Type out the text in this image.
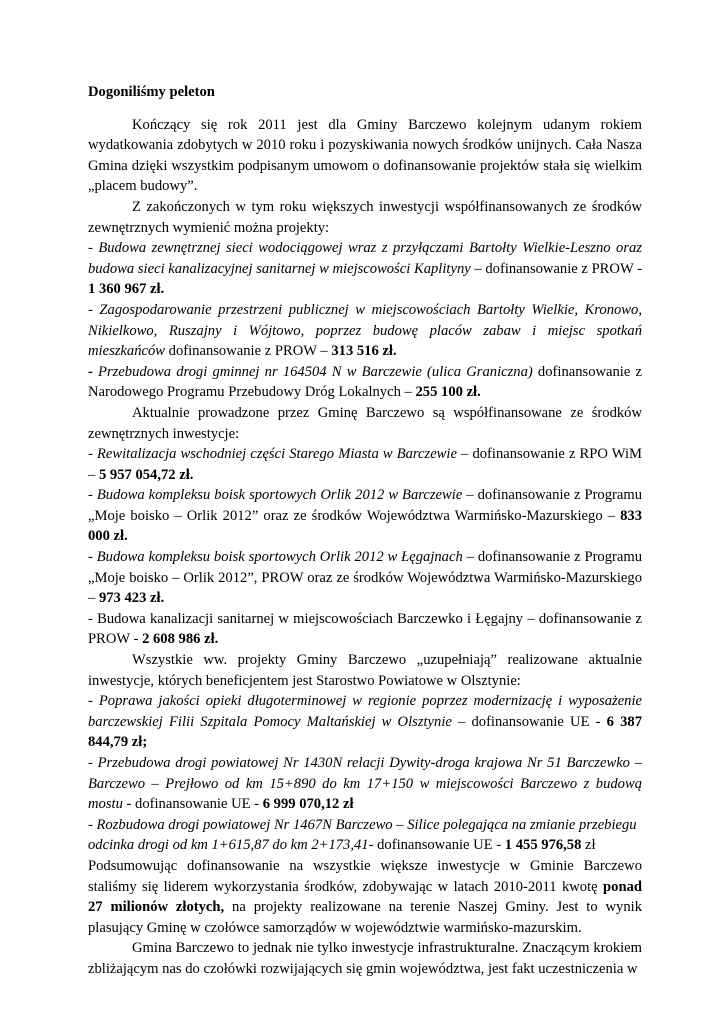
Dogoniliśmy peleton

Kończący się rok 2011 jest dla Gminy Barczewo kolejnym udanym rokiem wydatkowania zdobytych w 2010 roku i pozyskiwania nowych środków unijnych. Cała Nasza Gmina dzięki wszystkim podpisanym umowom o dofinansowanie projektów stała się wielkim „placem budowy”.

Z zakończonych w tym roku większych inwestycji współfinansowanych ze środków zewnętrznych wymienić można projekty:

- Budowa zewnętrznej sieci wodociągowej wraz z przyłączami Bartołty Wielkie-Leszno oraz budowa sieci kanalizacyjnej sanitarnej w miejscowości Kaplityny – dofinansowanie z PROW - 1 360 967 zł.

- Zagospodarowanie przestrzeni publicznej w miejscowościach Bartołty Wielkie, Kronowo, Nikielkowo, Ruszajny i Wójtowo, poprzez budowę placów zabaw i miejsc spotkań mieszkańców dofinansowanie z PROW – 313 516 zł.

- Przebudowa drogi gminnej nr 164504 N w Barczewie (ulica Graniczna) dofinansowanie z Narodowego Programu Przebudowy Dróg Lokalnych – 255 100 zł.

Aktualnie prowadzone przez Gminę Barczewo są współfinansowane ze środków zewnętrznych inwestycje:

- Rewitalizacja wschodniej części Starego Miasta w Barczewie – dofinansowanie z RPO WiM – 5 957 054,72 zł.

- Budowa kompleksu boisk sportowych Orlik 2012 w Barczewie – dofinansowanie z Programu „Moje boisko – Orlik 2012” oraz ze środków Województwa Warmińsko-Mazurskiego – 833 000 zł.

- Budowa kompleksu boisk sportowych Orlik 2012 w Łęgajnach – dofinansowanie z Programu „Moje boisko – Orlik 2012”, PROW oraz ze środków Województwa Warmińsko-Mazurskiego – 973 423 zł.

- Budowa kanalizacji sanitarnej w miejscowościach Barczewko i Łęgajny – dofinansowanie z PROW - 2 608 986 zł.

Wszystkie ww. projekty Gminy Barczewo „uzupełniają” realizowane aktualnie inwestycje, których beneficjentem jest Starostwo Powiatowe w Olsztynie:

- Poprawa jakości opieki długoterminowej w regionie poprzez modernizację i wyposażenie barczewskiej Filii Szpitala Pomocy Maltańskiej w Olsztynie – dofinansowanie UE - 6 387 844,79 zł;

- Przebudowa drogi powiatowej Nr 1430N relacji Dywity-droga krajowa Nr 51 Barczewko – Barczewo – Prejłowo od km 15+890 do km 17+150 w miejscowości Barczewo z budową mostu - dofinansowanie UE - 6 999 070,12 zł

- Rozbudowa drogi powiatowej Nr 1467N Barczewo – Silice polegająca na zmianie przebiegu odcinka drogi od km 1+615,87 do km 2+173,41- dofinansowanie UE - 1 455 976,58 zł

Podsumowując dofinansowanie na wszystkie większe inwestycje w Gminie Barczewo staliśmy się liderem wykorzystania środków, zdobywając w latach 2010-2011 kwotę ponad 27 milionów złotych, na projekty realizowane na terenie Naszej Gminy. Jest to wynik plasujący Gminę w czołówce samorządów w województwie warmińsko-mazurskim.

Gmina Barczewo to jednak nie tylko inwestycje infrastrukturalne. Znaczącym krokiem zbliżającym nas do czołówki rozwijających się gmin województwa, jest fakt uczestniczenia w
